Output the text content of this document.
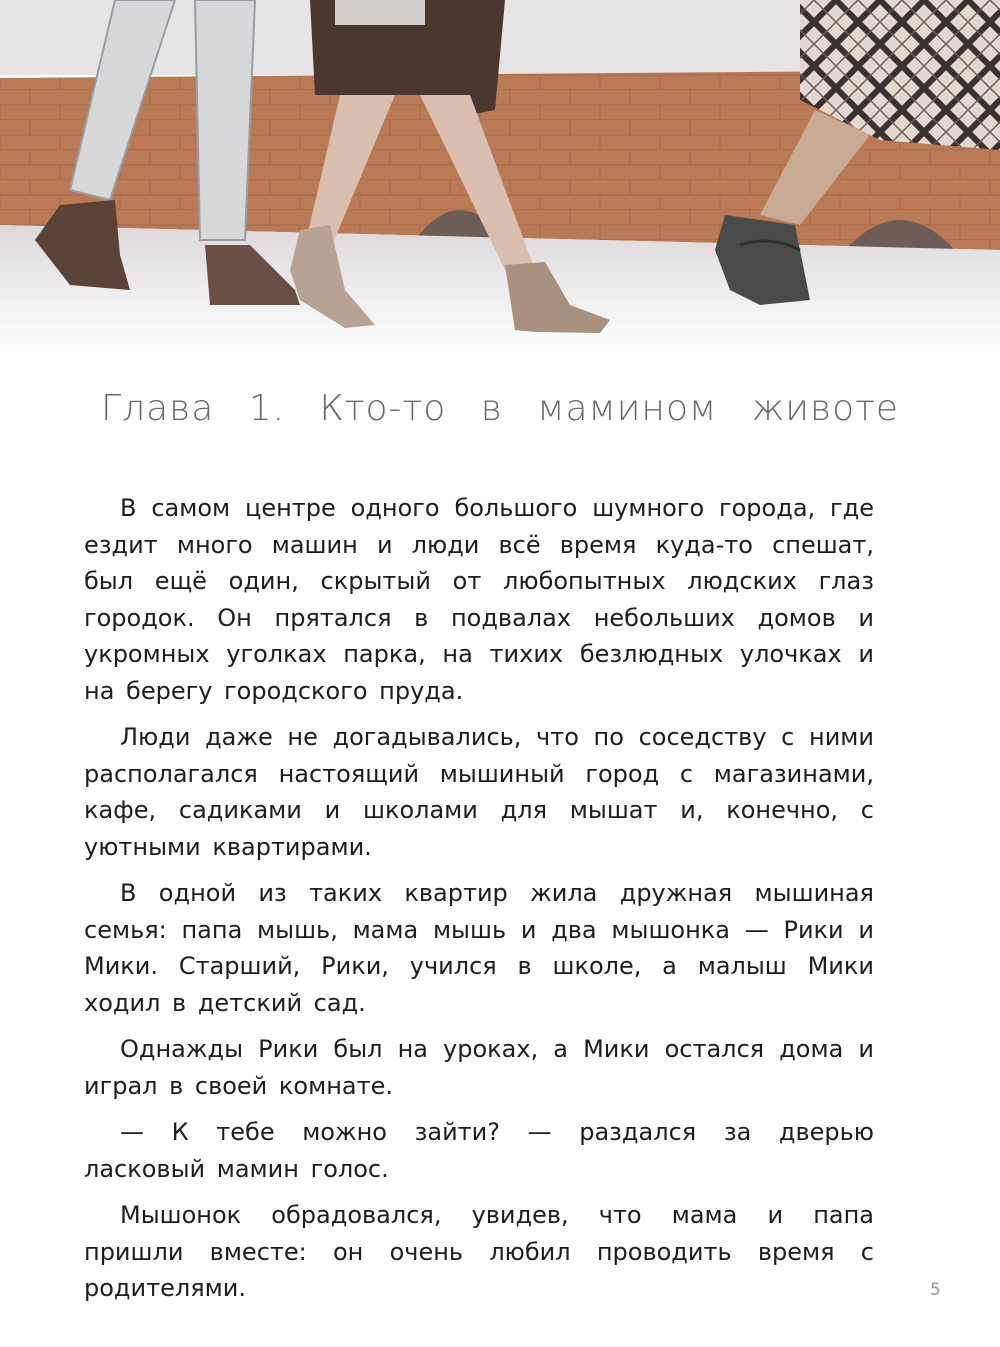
Глава 1. Кто-то в мамином животе

В самом центре одного большого шумного города, где ездит много машин и люди всё время куда-то спешат, был ещё один, скрытый от любопытных людских глаз городок. Он прятался в подвалах небольших домов и укромных уголках парка, на тихих безлюдных улочках и на берегу городского пруда.

Люди даже не догадывались, что по соседству с ними располагался настоящий мышиный город с магазинами, кафе, садиками и школами для мышат и, конечно, с уютными квартирами.

В одной из таких квартир жила дружная мышиная семья: папа мышь, мама мышь и два мышонка — Рики и Мики. Старший, Рики, учился в школе, а малыш Мики ходил в детский сад.

Однажды Рики был на уроках, а Мики остался дома и играл в своей комнате.

— К тебе можно зайти? — раздался за дверью ласковый мамин голос.

Мышонок обрадовался, увидев, что мама и папа пришли вместе: он очень любил проводить время с родителями.	5
